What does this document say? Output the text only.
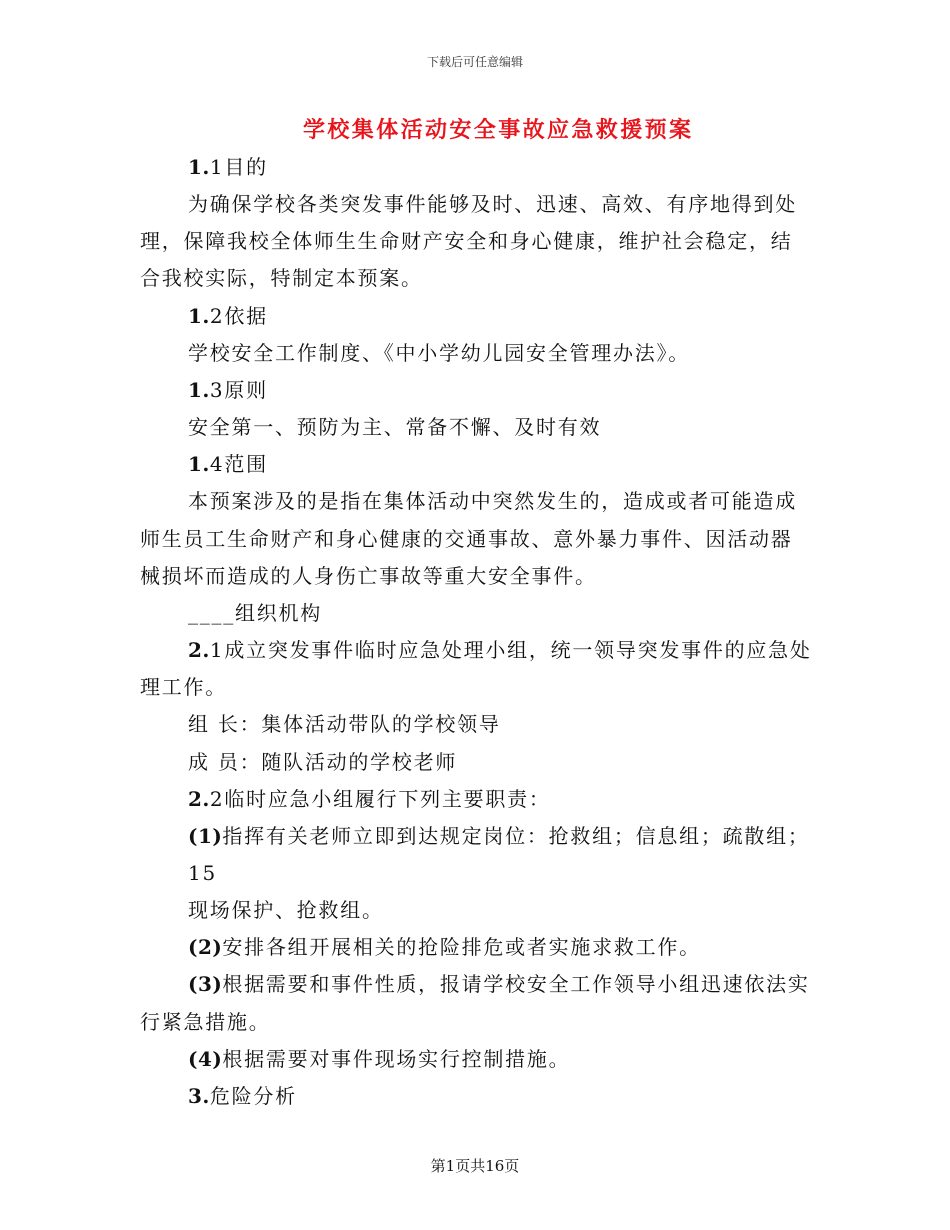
下载后可任意编辑
学校集体活动安全事故应急救援预案
1.1目的
为确保学校各类突发事件能够及时、迅速、高效、有序地得到处
理，保障我校全体师生生命财产安全和身心健康，维护社会稳定，结
合我校实际，特制定本预案。
1.2依据
学校安全工作制度、《中小学幼儿园安全管理办法》。
1.3原则
安全第一、预防为主、常备不懈、及时有效
1.4范围
本预案涉及的是指在集体活动中突然发生的，造成或者可能造成
师生员工生命财产和身心健康的交通事故、意外暴力事件、因活动器
械损坏而造成的人身伤亡事故等重大安全事件。
____组织机构
2.1成立突发事件临时应急处理小组，统一领导突发事件的应急处
理工作。
组 长：集体活动带队的学校领导
成 员：随队活动的学校老师
2.2临时应急小组履行下列主要职责：
(1)指挥有关老师立即到达规定岗位：抢救组；信息组；疏散组；
15
现场保护、抢救组。
(2)安排各组开展相关的抢险排危或者实施求救工作。
(3)根据需要和事件性质，报请学校安全工作领导小组迅速依法实
行紧急措施。
(4)根据需要对事件现场实行控制措施。
3.危险分析
第1页共16页
